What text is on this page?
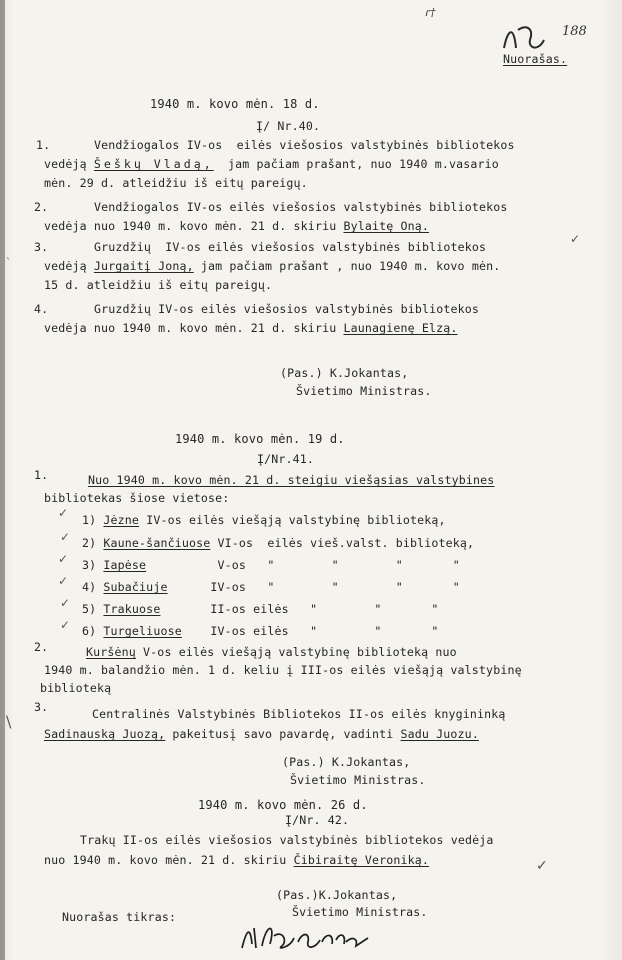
ɾ†
188
Nuorašas.
1940 m. kovo mėn. 18 d.
Į/ Nr.40.
1.	Vendžiogalos IV-os  eilės viešosios valstybinės bibliotekos
vedėją Šeškų Vladą,  jam pačiam prašant, nuo 1940 m.vasario
mėn. 29 d. atleidžiu iš eitų pareigų.
2.	Vendžiogalos IV-os eilės viešosios valstybinės bibliotekos
vedėja nuo 1940 m. kovo mėn. 21 d. skiriu Bylaitę Oną.
✓
3.	Gruzdžių  IV-os eilės viešosios valstybinės bibliotekos
`	vedėją Jurgaitį Joną, jam pačiam prašant , nuo 1940 m. kovo mėn.
15 d. atleidžiu iš eitų pareigų.
4.	Gruzdžių IV-os eilės viešosios valstybinės bibliotekos
vedėja nuo 1940 m. kovo mėn. 21 d. skiriu Launagienę Elzą.
(Pas.) K.Jokantas,
Švietimo Ministras.
1940 m. kovo mėn. 19 d.
Į/Nr.41.
1.	Nuo 1940 m. kovo mėn. 21 d. steigiu viešąsias valstybines
bibliotekas šiose vietose:
✓ 1) Jėzne IV-os eilės viešąją valstybinę biblioteką,
✓ 2) Kaune-šančiuose VI-os  eilės vieš.valst. biblioteką,
✓ 3) Iapėse          V-os   "        "        "       "
✓ 4) Subačiuje      IV-os   "        "        "       "
✓ 5) Trakuose       II-os eilės   "        "       "
✓ 6) Turgeliuose    IV-os eilės   "        "       "
2.	Kuršėnų V-os eilės viešąją valstybinę biblioteką nuo
1940 m. balandžio mėn. 1 d. keliu į III-os eilės viešąją valstybinę
biblioteką
3.
\	Centralinės Valstybinės Bibliotekos II-os eilės knygininką
Sadinauską Juozą, pakeitusį savo pavardę, vadinti Sadu Juozu.
(Pas.) K.Jokantas,
Švietimo Ministras.
1940 m. kovo mėn. 26 d.
Į/Nr. 42.
Trakų II-os eilės viešosios valstybinės bibliotekos vedėja
nuo 1940 m. kovo mėn. 21 d. skiriu Čibiraitę Veroniką.	✓
(Pas.)K.Jokantas,
Švietimo Ministras.
Nuorašas tikras:
